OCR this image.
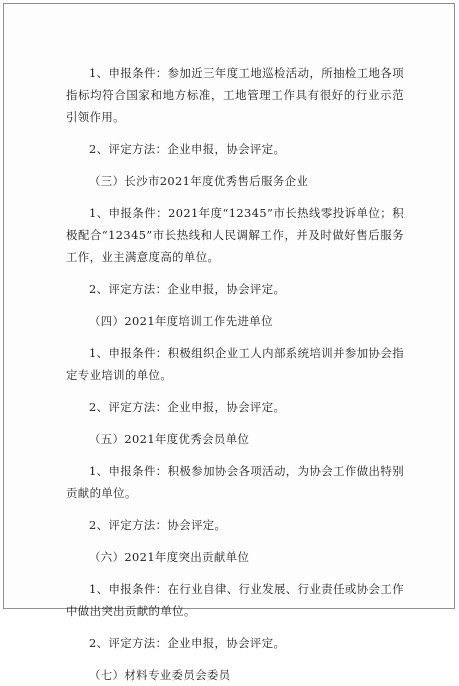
1、申报条件：参加近三年度工地巡检活动，所抽检工地各项指标均符合国家和地方标准，工地管理工作具有很好的行业示范引领作用。

2、评定方法：企业申报，协会评定。

（三）长沙市2021年度优秀售后服务企业

1、申报条件：2021年度“12345”市长热线零投诉单位；积极配合“12345”市长热线和人民调解工作，并及时做好售后服务工作，业主满意度高的单位。

2、评定方法：企业申报，协会评定。

（四）2021年度培训工作先进单位

1、申报条件：积极组织企业工人内部系统培训并参加协会指定专业培训的单位。

2、评定方法：企业申报，协会评定。

（五）2021年度优秀会员单位

1、申报条件：积极参加协会各项活动，为协会工作做出特别贡献的单位。

2、评定方法：协会评定。

（六）2021年度突出贡献单位

1、申报条件：在行业自律、行业发展、行业责任或协会工作中做出突出贡献的单位。

2、评定方法：企业申报，协会评定。

（七）材料专业委员会委员
